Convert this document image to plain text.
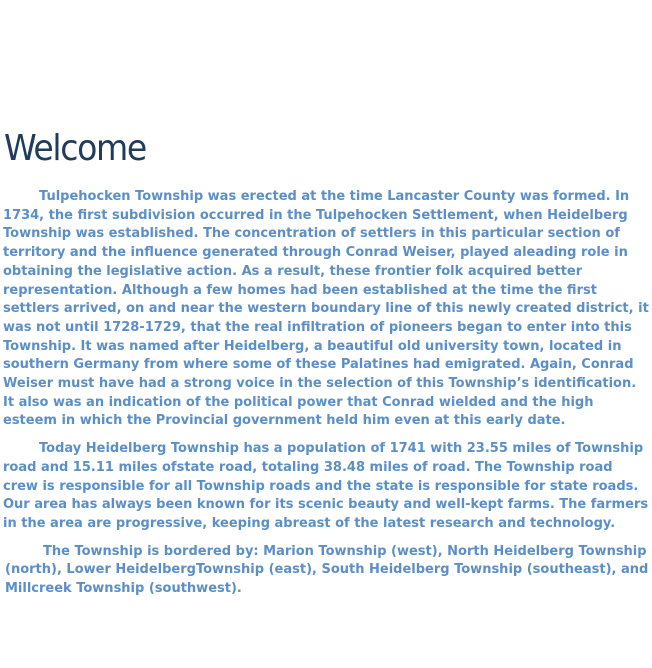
Welcome

Tulpehocken Township was erected at the time Lancaster County was formed. In 1734, the first subdivision occurred in the Tulpehocken Settlement, when Heidelberg Township was established. The concentration of settlers in this particular section of territory and the influence generated through Conrad Weiser, played aleading role in obtaining the legislative action. As a result, these frontier folk acquired better representation. Although a few homes had been established at the time the first settlers arrived, on and near the western boundary line of this newly created district, it was not until 1728-1729, that the real infiltration of pioneers began to enter into this Township. It was named after Heidelberg, a beautiful old university town, located in southern Germany from where some of these Palatines had emigrated. Again, Conrad Weiser must have had a strong voice in the selection of this Township’s identification. It also was an indication of the political power that Conrad wielded and the high esteem in which the Provincial government held him even at this early date.

Today Heidelberg Township has a population of 1741 with 23.55 miles of Township road and 15.11 miles ofstate road, totaling 38.48 miles of road. The Township road crew is responsible for all Township roads and the state is responsible for state roads. Our area has always been known for its scenic beauty and well-kept farms. The farmers in the area are progressive, keeping abreast of the latest research and technology.

The Township is bordered by: Marion Township (west), North Heidelberg Township (north), Lower HeidelbergTownship (east), South Heidelberg Township (southeast), and Millcreek Township (southwest).
